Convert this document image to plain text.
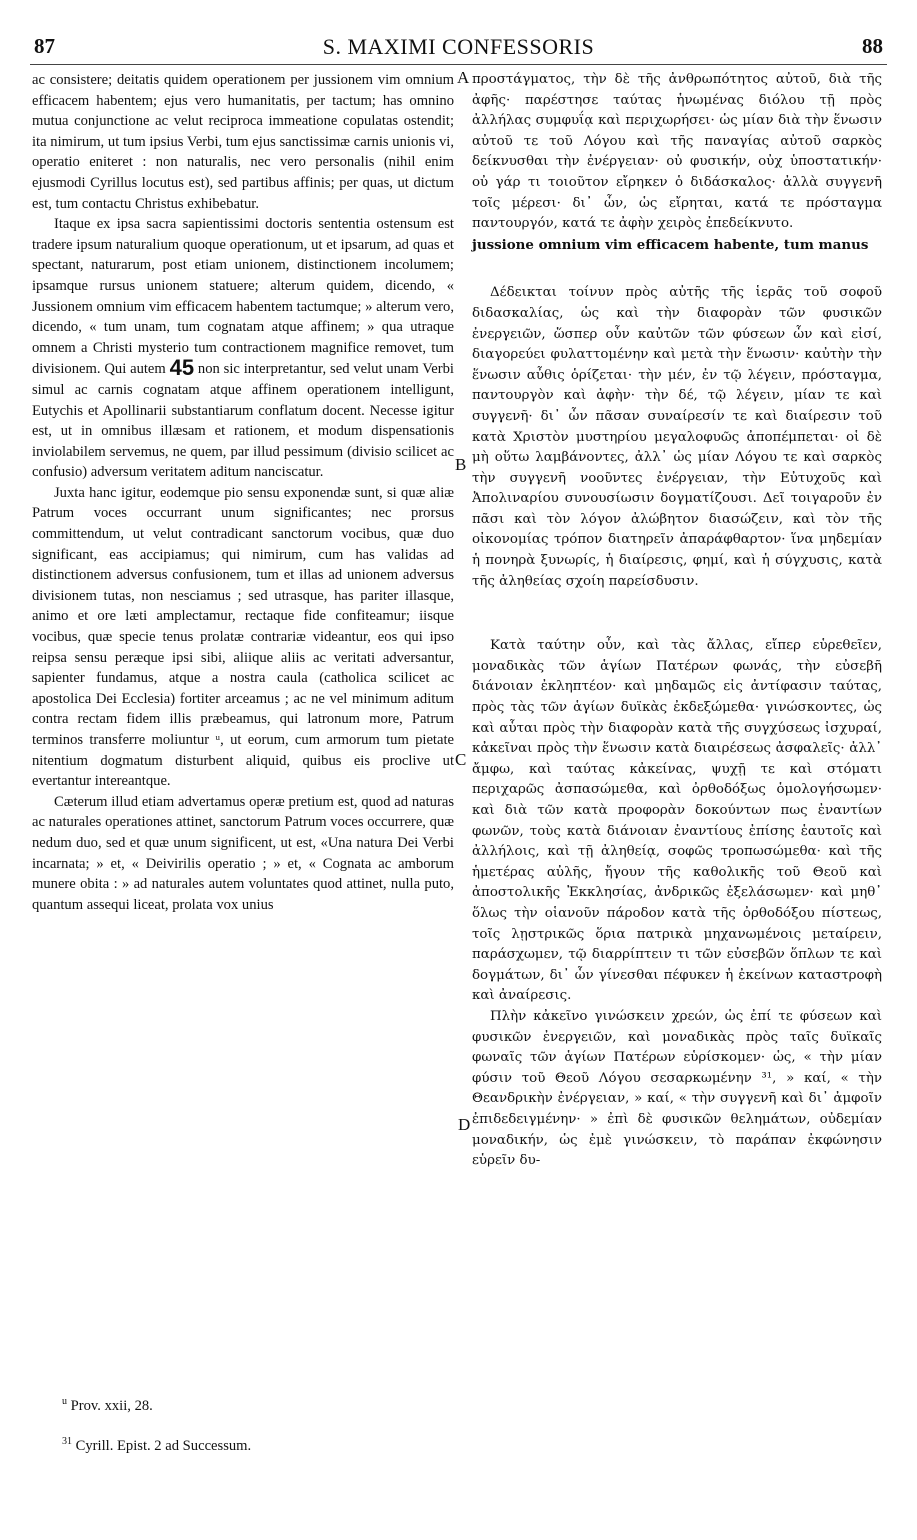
87	S. MAXIMI CONFESSORIS	88

ac consistere; deitatis quidem operationem per jussionem vim omnium efficacem habentem; ejus vero humanitatis, per tactum; has omnino mutua conjunctione ac velut reciproca immeatione copulatas ostendit; ita nimirum, ut tum ipsius Verbi, tum ejus sanctissimæ carnis unionis vi, operatio eniteret : non naturalis, nec vero personalis (nihil enim ejusmodi Cyrillus locutus est), sed partibus affinis; per quas, ut dictum est, tum contactu Christus exhibebatur.

Itaque ex ipsa sacra sapientissimi doctoris sententia ostensum est tradere ipsum naturalium quoque operationum, ut et ipsarum, ad quas et spectant, naturarum, post etiam unionem, distinctionem incolumem; ipsamque rursus unionem statuere; alterum quidem, dicendo, « Jussionem omnium vim efficacem habentem tactumque; » alterum vero, dicendo, « tum unam, tum cognatam atque affinem; » qua utraque omnem a Christi mysterio tum contractionem magnifice removet, tum divisionem. Qui autem 45 non sic interpretantur, sed velut unam Verbi simul ac carnis cognatam atque affinem operationem intelligunt, Eutychis et Apollinarii substantiarum conflatum docent. Necesse igitur est, ut in omnibus illæsam et rationem, et modum dispensationis inviolabilem servemus, ne quem, par illud pessimum (divisio scilicet ac confusio) adversum veritatem aditum nanciscatur.

Juxta hanc igitur, eodemque pio sensu exponendæ sunt, si quæ aliæ Patrum voces occurrant unum significantes; nec prorsus committendum, ut velut contradicant sanctorum vocibus, quæ duo significant, eas accipiamus; qui nimirum, cum has validas ad distinctionem adversus confusionem, tum et illas ad unionem adversus divisionem tutas, non nesciamus ; sed utrasque, has pariter illasque, animo et ore læti amplectamur, rectaque fide confiteamur; iisque vocibus, quæ specie tenus prolatæ contrariæ videantur, eos qui ipso reipsa sensu peræque ipsi sibi, aliique aliis ac veritati adversantur, sapienter fundamus, atque a nostra caula (catholica scilicet ac apostolica Dei Ecclesia) fortiter arceamus ; ac ne vel minimum aditum contra rectam fidem illis præbeamus, qui latronum more, Patrum terminos transferre moliuntur ᵘ, ut eorum, cum armorum tum pietate nitentium dogmatum disturbent aliquid, quibus eis proclive ut evertantur intereantque.

Cæterum illud etiam advertamus operæ pretium est, quod ad naturas ac naturales operationes attinet, sanctorum Patrum voces occurrere, quæ nedum duo, sed et quæ unum significent, ut est, «Una natura Dei Verbi incarnata; » et, « Deivirilis operatio ; » et, « Cognata ac amborum munere obita : » ad naturales autem voluntates quod attinet, nulla puto, quantum assequi liceat, prolata vox unius

A
B
C
D

προστάγματος, τὴν δὲ τῆς ἀνθρωπότητος αὐτοῦ, διὰ τῆς ἀφῆς· παρέστησε ταύτας ἡνωμένας διόλου τῇ πρὸς ἀλλήλας συμφυΐᾳ καὶ περιχωρήσει· ὡς μίαν διὰ τὴν ἕνωσιν αὐτοῦ τε τοῦ Λόγου καὶ τῆς παναγίας αὐτοῦ σαρκὸς δείκνυσθαι τὴν ἐνέργειαν· οὐ φυσικήν, οὐχ ὑποστατικήν· οὐ γάρ τι τοιοῦτον εἴρηκεν ὁ διδάσκαλος· ἀλλὰ συγγενῆ τοῖς μέρεσι· δι᾿ ὧν, ὡς εἴρηται, κατά τε πρόσταγμα παντουργόν, κατά τε ἀφὴν χειρὸς ἐπεδείκνυτο.

jussione omnium vim efficacem habente, tum manus

Δέδεικται τοίνυν πρὸς αὐτῆς τῆς ἱερᾶς τοῦ σοφοῦ διδασκαλίας, ὡς καὶ τὴν διαφορὰν τῶν φυσικῶν ἐνεργειῶν, ὥσπερ οὖν καὐτῶν τῶν φύσεων ὧν καὶ εἰσί, διαγορεύει φυλαττομένην καὶ μετὰ τὴν ἕνωσιν· καὐτὴν τὴν ἕνωσιν αὖθις ὁρίζεται· τὴν μέν, ἐν τῷ λέγειν, πρόσταγμα, παντουργὸν καὶ ἀφὴν· τὴν δέ, τῷ λέγειν, μίαν τε καὶ συγγενῆ· δι᾿ ὧν πᾶσαν συναίρεσίν τε καὶ διαίρεσιν τοῦ κατὰ Χριστὸν μυστηρίου μεγαλοφυῶς ἀποπέμπεται· οἱ δὲ μὴ οὕτω λαμβάνοντες, ἀλλ᾿ ὡς μίαν Λόγου τε καὶ σαρκὸς τὴν συγγενῆ νοοῦντες ἐνέργειαν, τὴν Εὐτυχοῦς καὶ Ἀπολιναρίου συνουσίωσιν δογματίζουσι. Δεῖ τοιγαροῦν ἐν πᾶσι καὶ τὸν λόγον ἀλώβητον διασώζειν, καὶ τὸν τῆς οἰκονομίας τρόπον διατηρεῖν ἀπαράφθαρτον· ἵνα μηδεμίαν ἡ πονηρὰ ξυνωρίς, ἡ διαίρεσις, φημί, καὶ ἡ σύγχυσις, κατὰ τῆς ἀληθείας σχοίη παρείσδυσιν.

Κατὰ ταύτην οὖν, καὶ τὰς ἄλλας, εἴπερ εὑρεθεῖεν, μοναδικὰς τῶν ἁγίων Πατέρων φωνάς, τὴν εὐσεβῆ διάνοιαν ἐκληπτέον· καὶ μηδαμῶς εἰς ἀντίφασιν ταύτας, πρὸς τὰς τῶν ἁγίων δυϊκὰς ἐκδεξώμεθα· γινώσκοντες, ὡς καὶ αὗται πρὸς τὴν διαφορὰν κατὰ τῆς συγχύσεως ἰσχυραί, κἀκεῖναι πρὸς τὴν ἕνωσιν κατὰ διαιρέσεως ἀσφαλεῖς· ἀλλ᾿ ἄμφω, καὶ ταύτας κἀκείνας, ψυχῇ τε καὶ στόματι περιχαρῶς ἀσπασώμεθα, καὶ ὀρθοδόξως ὁμολογήσωμεν· καὶ διὰ τῶν κατὰ προφορὰν δοκούντων πως ἐναντίων φωνῶν, τοὺς κατὰ διάνοιαν ἐναντίους ἐπίσης ἑαυτοῖς καὶ ἀλλήλοις, καὶ τῇ ἀληθείᾳ, σοφῶς τροπωσώμεθα· καὶ τῆς ἡμετέρας αὐλῆς, ἤγουν τῆς καθολικῆς τοῦ Θεοῦ καὶ ἀποστολικῆς Ἐκκλησίας, ἀνδρικῶς ἐξελάσωμεν· καὶ μηθ᾿ ὅλως τὴν οἱανοῦν πάροδον κατὰ τῆς ὀρθοδόξου πίστεως, τοῖς λῃστρικῶς ὅρια πατρικὰ μηχανωμένοις μεταίρειν, παράσχωμεν, τῷ διαρρίπτειν τι τῶν εὐσεβῶν ὅπλων τε καὶ δογμάτων, δι᾿ ὧν γίνεσθαι πέφυκεν ἡ ἐκείνων καταστροφὴ καὶ ἀναίρεσις.

Πλὴν κἀκεῖνο γινώσκειν χρεών, ὡς ἐπί τε φύσεων καὶ φυσικῶν ἐνεργειῶν, καὶ μοναδικὰς πρὸς ταῖς δυϊκαῖς φωναῖς τῶν ἁγίων Πατέρων εὑρίσκομεν· ὡς, « τὴν μίαν φύσιν τοῦ Θεοῦ Λόγου σεσαρκωμένην ³¹, » καί, « τὴν Θεανδρικὴν ἐνέργειαν, » καί, « τὴν συγγενῆ καὶ δι᾿ ἀμφοῖν ἐπιδεδειγμένην· » ἐπὶ δὲ φυσικῶν θελημάτων, οὐδεμίαν μοναδικήν, ὡς ἐμὲ γινώσκειν, τὸ παράπαν ἐκφώνησιν εὑρεῖν δυ-

$^u$ Prov. xxii, 28.

$^{31}$ Cyrill. Epist. 2 ad Successum.
